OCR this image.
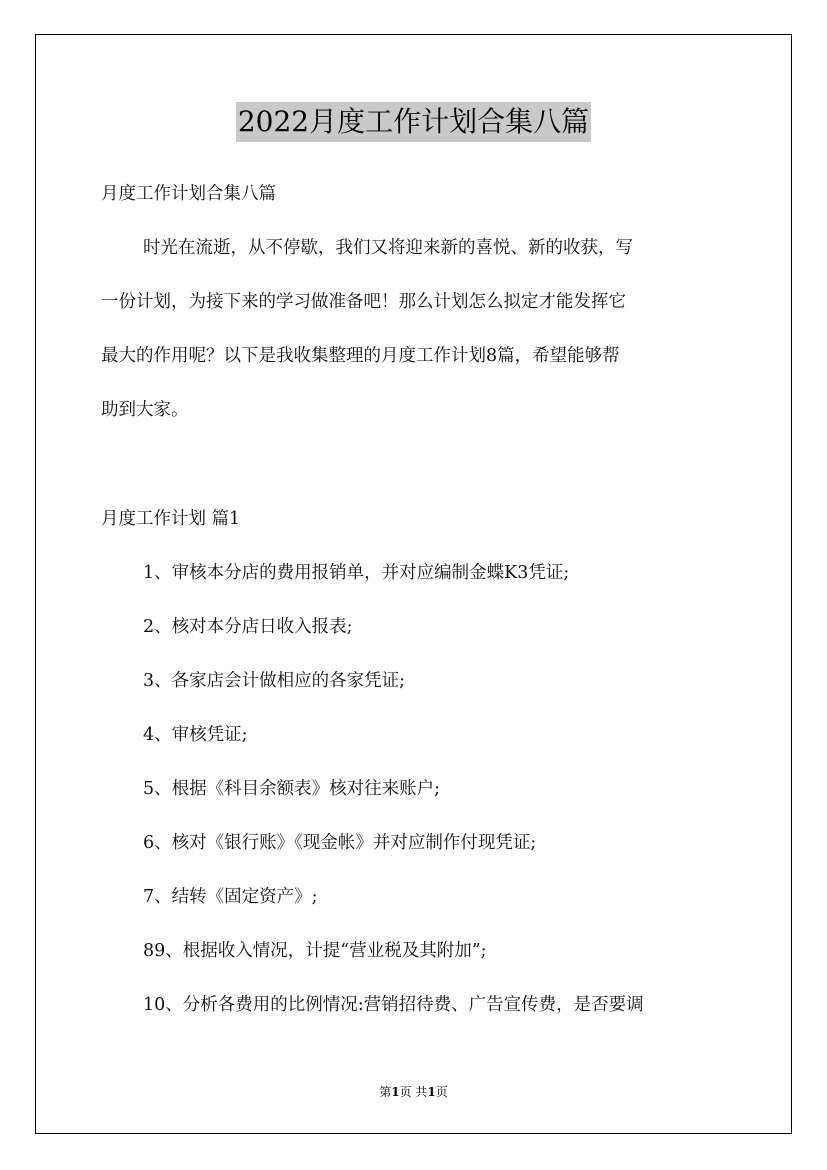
2022月度工作计划合集八篇
月度工作计划合集八篇
时光在流逝，从不停歇，我们又将迎来新的喜悦、新的收获，写
一份计划，为接下来的学习做准备吧！那么计划怎么拟定才能发挥它
最大的作用呢？以下是我收集整理的月度工作计划8篇，希望能够帮
助到大家。
月度工作计划 篇1
1、审核本分店的费用报销单，并对应编制金蝶K3凭证;
2、核对本分店日收入报表;
3、各家店会计做相应的各家凭证;
4、审核凭证;
5、根据《科目余额表》核对往来账户;
6、核对《银行账》《现金帐》并对应制作付现凭证;
7、结转《固定资产》;
89、根据收入情况，计提“营业税及其附加”;
10、分析各费用的比例情况:营销招待费、广告宣传费，是否要调
第1页 共1页
